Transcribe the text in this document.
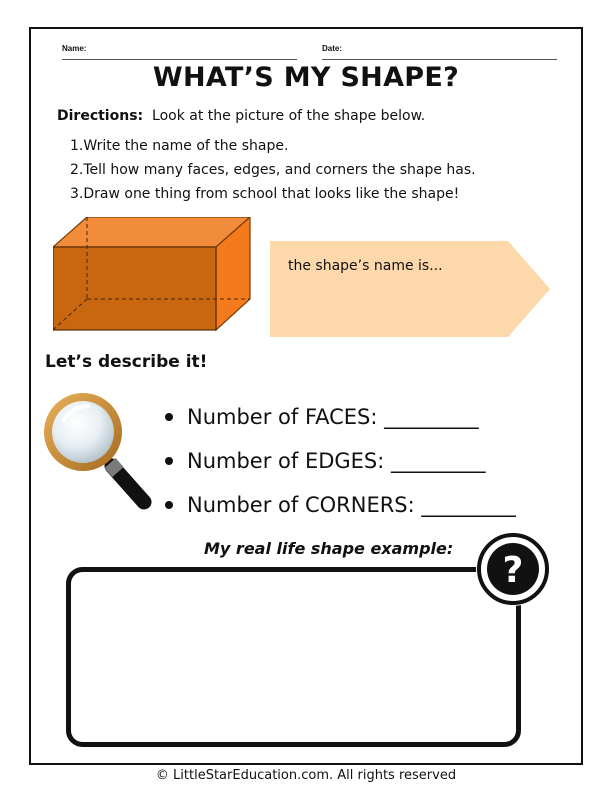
Name:	Date:
WHAT’S MY SHAPE?
Directions: Look at the picture of the shape below.
1.Write the name of the shape.
2.Tell how many faces, edges, and corners the shape has.
3.Draw one thing from school that looks like the shape!
the shape’s name is...
Let’s describe it!
Number of FACES: _________
Number of EDGES: _________
Number of CORNERS: _________
My real life shape example:
?
© LittleStarEducation.com. All rights reserved
